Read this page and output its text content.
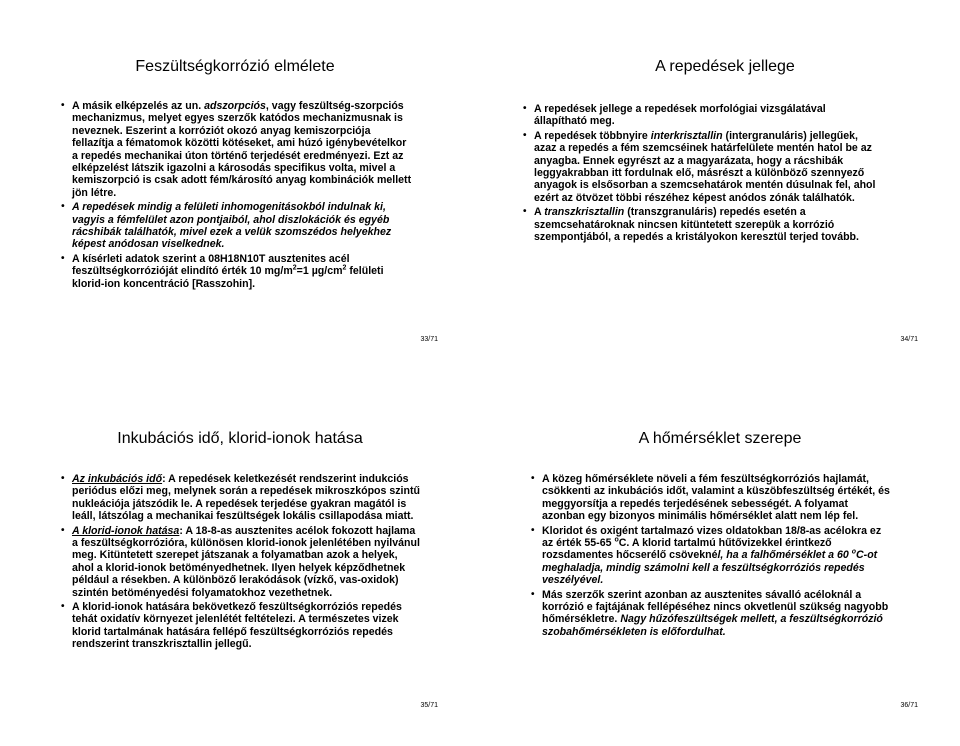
Feszültségkorrózió elmélete
• A másik elképzelés az un. adszorpciós, vagy feszültség-szorpciós mechanizmus, melyet egyes szerzők katódos mechanizmusnak is neveznek. Eszerint a korróziót okozó anyag kemiszorpciója fellazítja a fématomok közötti kötéseket, ami húzó igénybevételkor a repedés mechanikai úton történő terjedését eredményezi. Ezt az elképzelést látszik igazolni a károsodás specifikus volta, mivel a kemiszorpció is csak adott fém/károsító anyag kombinációk mellett jön létre.
• A repedések mindig a felületi inhomogenitásokból indulnak ki, vagyis a fémfelület azon pontjaiból, ahol diszlokációk és egyéb rácshibák találhatók, mivel ezek a velük szomszédos helyekhez képest anódosan viselkednek.
• A kísérleti adatok szerint a 08H18N10T ausztenites acél feszültségkorrózióját elindító érték 10 $mg/m^2=1$ $\mu g/cm^2$ felületi klorid-ion koncentráció [Rasszohin].
33/71
A repedések jellege
• A repedések jellege a repedések morfológiai vizsgálatával állapítható meg.
• A repedések többnyire interkrisztallin (intergranuláris) jellegűek, azaz a repedés a fém szemcséinek határfelülete mentén hatol be az anyagba. Ennek egyrészt az a magyarázata, hogy a rácshibák leggyakrabban itt fordulnak elő, másrészt a különböző szennyező anyagok is elsősorban a szemcsehatárok mentén dúsulnak fel, ahol ezért az ötvözet többi részéhez képest anódos zónák találhatók.
• A transzkrisztallin (transzgranuláris) repedés esetén a szemcsehatároknak nincsen kitüntetett szerepük a korrózió szempontjából, a repedés a kristályokon keresztül terjed tovább.
34/71
Inkubációs idő, klorid-ionok hatása
• Az inkubációs idő: A repedések keletkezését rendszerint indukciós periódus előzi meg, melynek során a repedések mikroszkópos szintű nukleációja játszódik le. A repedések terjedése gyakran magától is leáll, látszólag a mechanikai feszültségek lokális csillapodása miatt.
• A klorid-ionok hatása: A 18-8-as ausztenites acélok fokozott hajlama a feszültségkorrózióra, különösen klorid-ionok jelenlétében nyilvánul meg. Kitüntetett szerepet játszanak a folyamatban azok a helyek, ahol a klorid-ionok betöményedhetnek. Ilyen helyek képződhetnek például a résekben. A különböző lerakódások (vízkő, vas-oxidok) szintén betöményedési folyamatokhoz vezethetnek.
• A klorid-ionok hatására bekövetkező feszültségkorróziós repedés tehát oxidatív környezet jelenlétét feltételezi. A természetes vizek klorid tartalmának hatására fellépő feszültségkorróziós repedés rendszerint transzkrisztallin jellegű.
35/71
A hőmérséklet szerepe
• A közeg hőmérséklete növeli a fém feszültségkorróziós hajlamát, csökkenti az inkubációs időt, valamint a küszöbfeszültség értékét, és meggyorsítja a repedés terjedésének sebességét. A folyamat azonban egy bizonyos minimális hőmérséklet alatt nem lép fel.
• Kloridot és oxigént tartalmazó vizes oldatokban 18/8-as acélokra ez az érték 55-65 $^o$C. A klorid tartalmú hűtővizekkel érintkező rozsdamentes hőcserélő csöveknél, ha a falhőmérséklet a 60 $^o$C-ot meghaladja, mindig számolni kell a feszültségkorróziós repedés veszélyével.
• Más szerzők szerint azonban az ausztenites sávalló acéloknál a korrózió e fajtájának fellépéséhez nincs okvetlenül szükség nagyobb hőmérsékletre. Nagy hűzófeszültségek mellett, a feszültségkorrózió szobahőmérsékleten is előfordulhat.
36/71
